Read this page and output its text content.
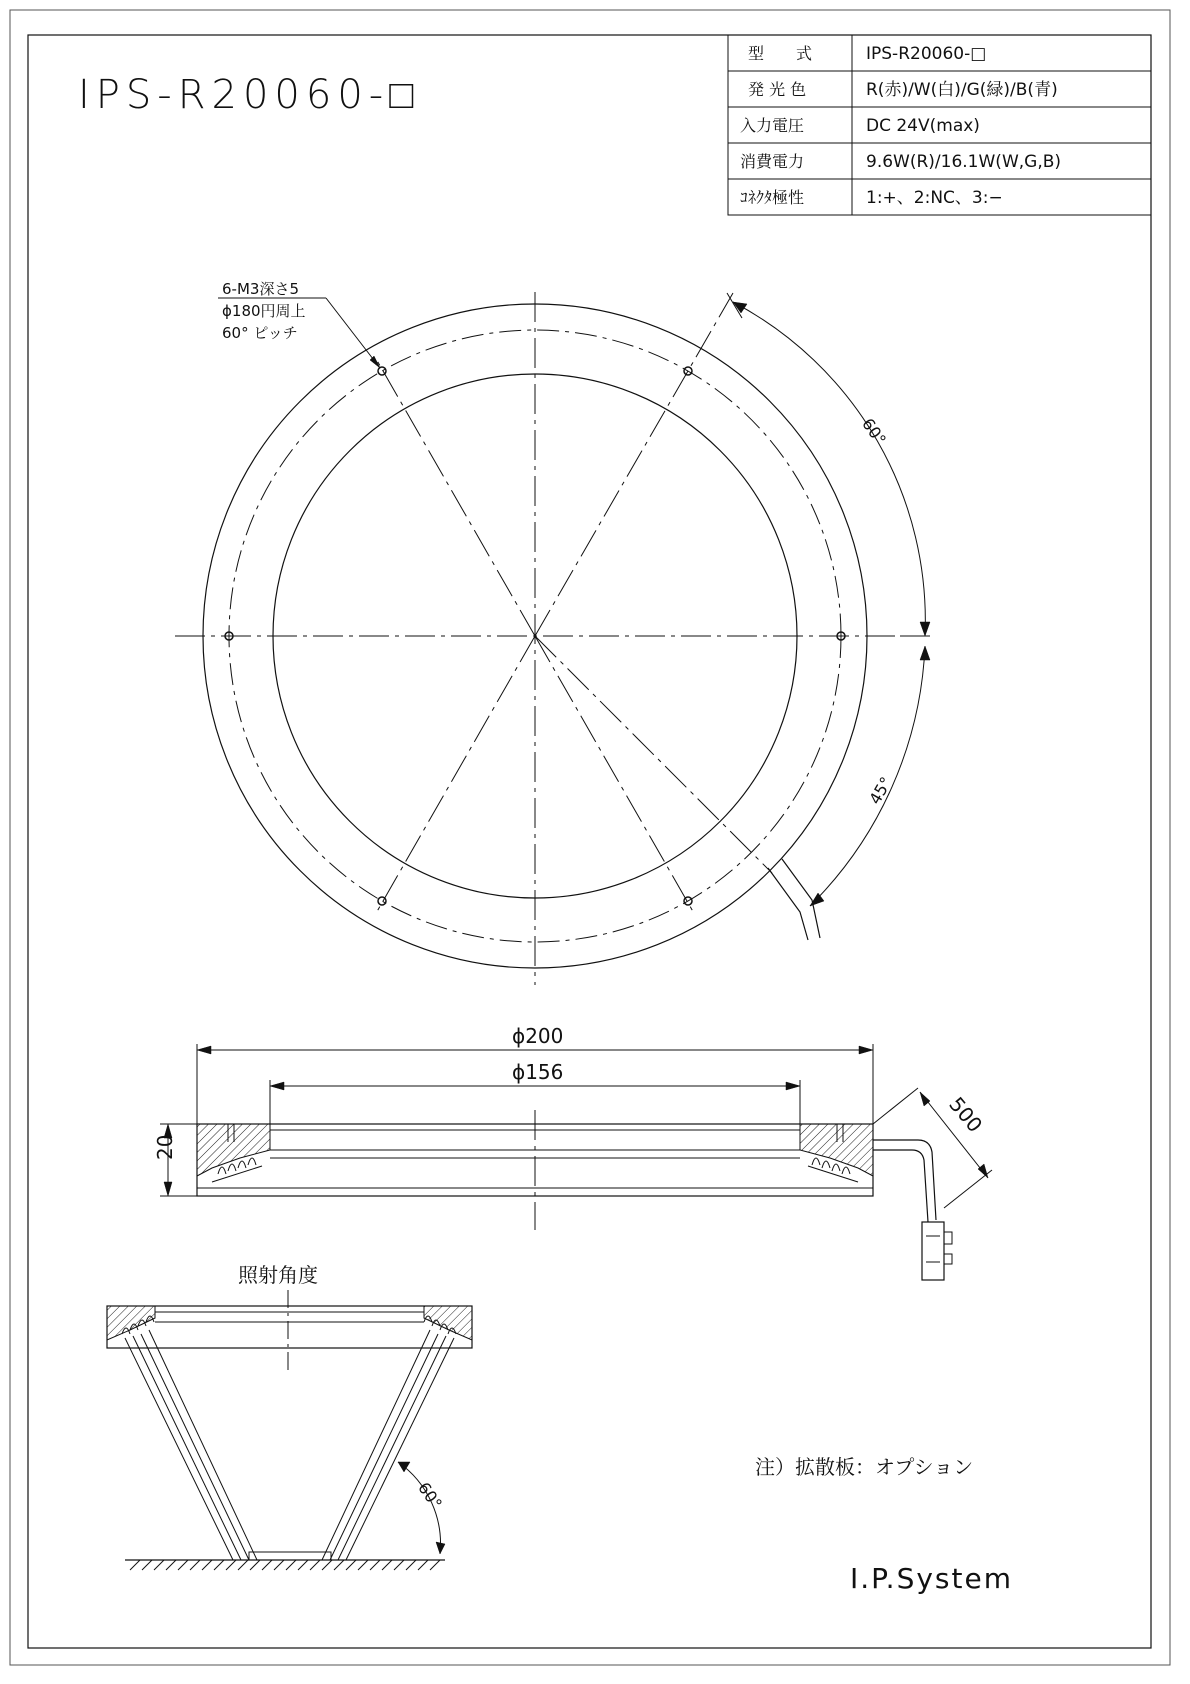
IPS-R20060-□
型　　式	IPS-R20060-□
発 光 色	R(赤)/W(白)/G(緑)/B(青)
入力電圧	DC 24V(max)
消費電力	9.6W(R)/16.1W(W,G,B)
ｺﾈｸﾀ極性	1:+、2:NC、3:−
6-M3深さ5
ϕ180円周上
60° ピッチ
60°
45°
ϕ200
ϕ156
20
500
照射角度
60°
注）拡散板：オプション
I.P.System
